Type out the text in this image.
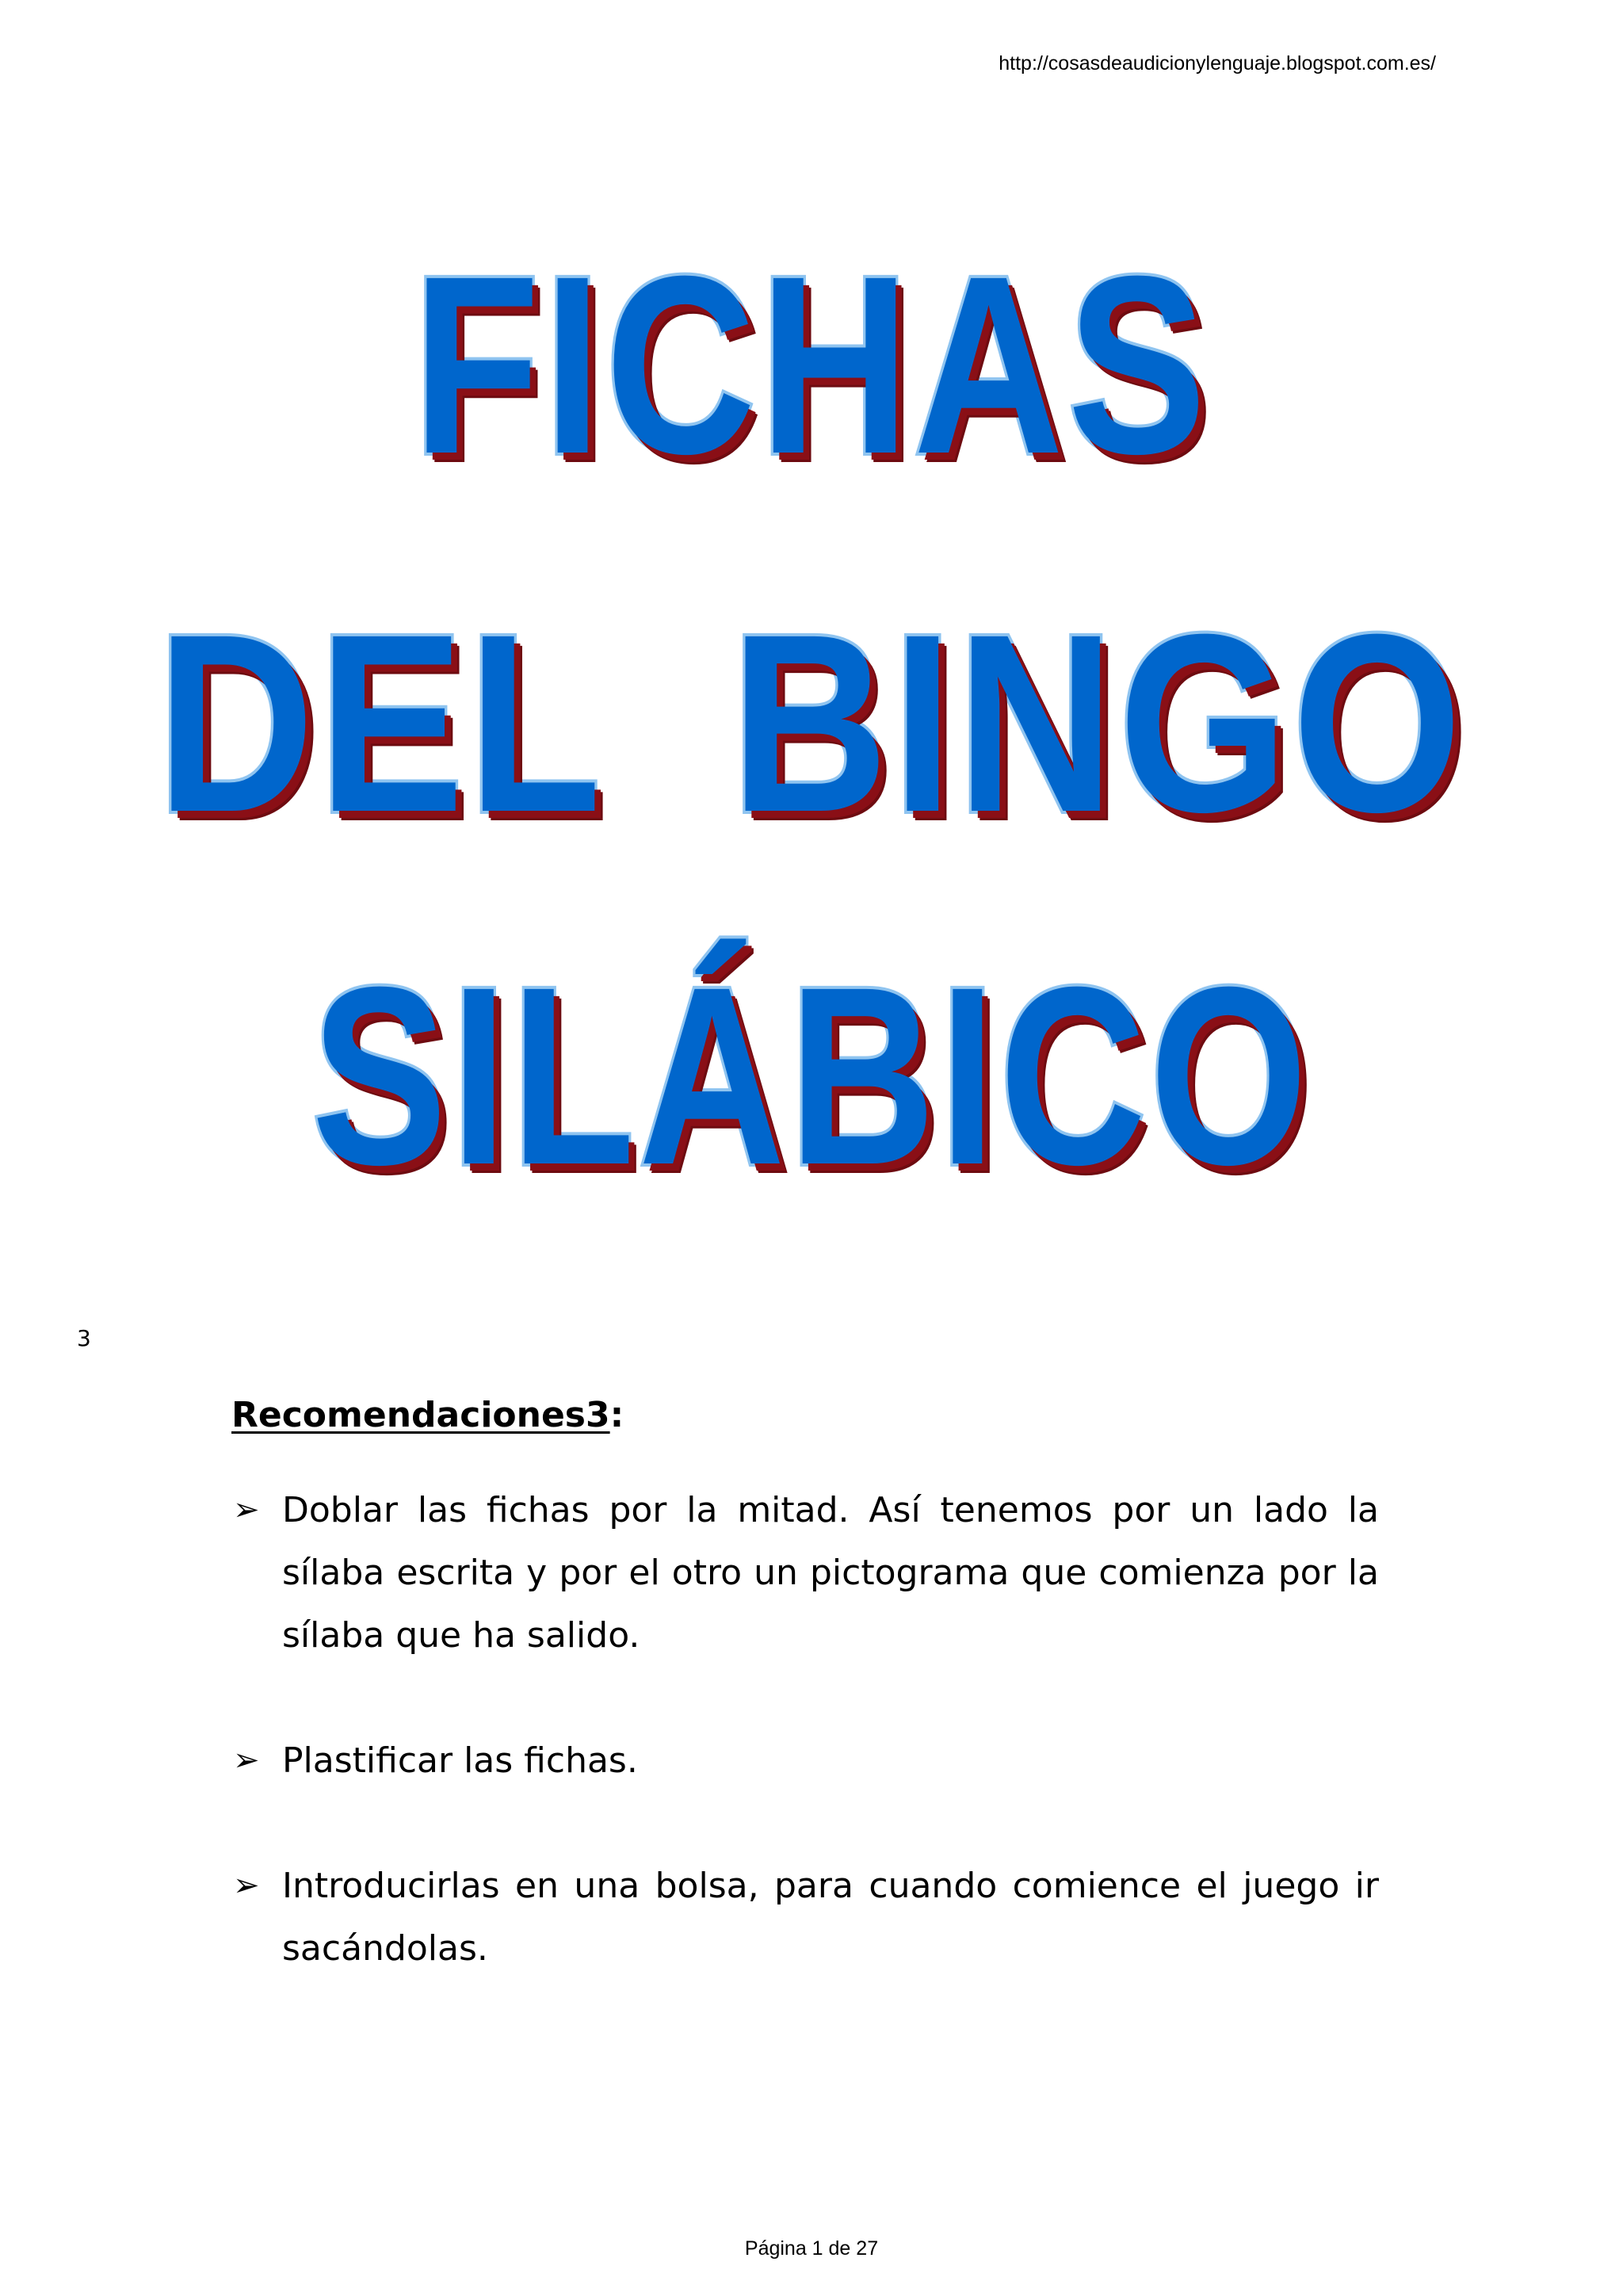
http://cosasdeaudicionylenguaje.blogspot.com.es/
FICHAS
DEL  BINGO
SILÁBICO
3
Recomendaciones3:
➢ Doblar las fichas por la mitad. Así tenemos por un lado la sílaba escrita y por el otro un pictograma que comienza por la sílaba que ha salido.
➢ Plastificar las fichas.
➢ Introducirlas en una bolsa, para cuando comience el juego ir sacándolas.
Página 1 de 27
